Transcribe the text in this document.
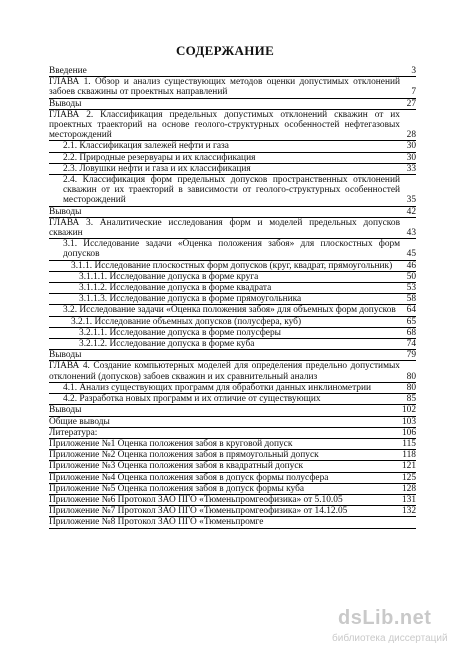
СОДЕРЖАНИЕ
Введение	3
ГЛАВА 1. Обзор и анализ существующих методов оценки допустимых отклонений забоев скважины от проектных направлений	7
Выводы	27
ГЛАВА 2. Классификация предельных допустимых отклонений скважин от их проектных траекторий на основе геолого-структурных особенностей нефтегазовых месторождений	28
2.1. Классификация залежей нефти и газа	30
2.2. Природные резервуары и их классификация	30
2.3. Ловушки нефти и газа и их классификация	33
2.4. Классификация форм предельных допусков пространственных отклонений скважин от их траекторий в зависимости от геолого-структурных особенностей месторождений	35
Выводы	42
ГЛАВА 3. Аналитические исследования форм и моделей предельных допусков скважин	43
3.1. Исследование задачи «Оценка положения забоя» для плоскостных форм допусков	45
3.1.1. Исследование плоскостных форм допусков (круг, квадрат, прямоугольник)	46
3.1.1.1. Исследование допуска в форме круга	50
3.1.1.2. Исследование допуска в форме квадрата	53
3.1.1.3. Исследование допуска в форме прямоугольника	58
3.2. Исследование задачи «Оценка положения забоя» для объемных форм допусков	64
3.2.1. Исследование объемных допусков (полусфера, куб)	65
3.2.1.1. Исследование допуска в форме полусферы	68
3.2.1.2. Исследование допуска в форме куба	74
Выводы	79
ГЛАВА 4. Создание компьютерных моделей для определения предельно допустимых отклонений (допусков) забоев скважин и их сравнительный анализ	80
4.1. Анализ существующих программ для обработки данных инклинометрии	80
4.2. Разработка новых программ и их отличие от существующих	85
Выводы	102
Общие выводы	103
Литература:	106
Приложение №1 Оценка положения забоя в круговой допуск	115
Приложение №2 Оценка положения забоя в прямоугольный допуск	118
Приложение №3 Оценка положения забоя в квадратный допуск	121
Приложение №4 Оценка положения забоя в допуск формы полусфера	125
Приложение №5 Оценка положения забоя в допуск формы куба	128
Приложение №6 Протокол ЗАО ПГО «Тюменьпромгеофизика» от 5.10.05	131
Приложение №7 Протокол ЗАО ПГО «Тюменьпромгеофизика» от 14.12.05	132
Приложение №8 Протокол ЗАО ПГО «Тюменьпромге
dsLib.net
библиотека диссертаций
